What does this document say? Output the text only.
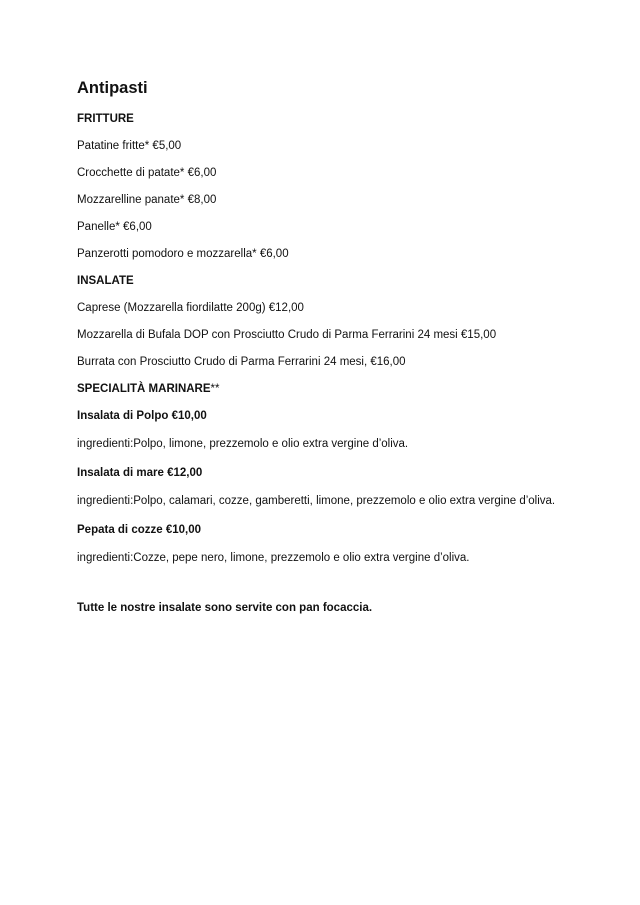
Antipasti
FRITTURE
Patatine fritte* €5,00
Crocchette di patate* €6,00
Mozzarelline panate* €8,00
Panelle* €6,00
Panzerotti pomodoro e mozzarella* €6,00
INSALATE
Caprese (Mozzarella fiordilatte 200g) €12,00
Mozzarella di Bufala DOP con Prosciutto Crudo di Parma Ferrarini 24 mesi €15,00
Burrata con Prosciutto Crudo di Parma Ferrarini 24 mesi, €16,00
SPECIALITÀ MARINARE**
Insalata di Polpo €10,00
ingredienti:Polpo, limone, prezzemolo e olio extra vergine d’oliva.
Insalata di mare €12,00
ingredienti:Polpo, calamari, cozze, gamberetti, limone, prezzemolo e olio extra vergine d’oliva.
Pepata di cozze €10,00
ingredienti:Cozze, pepe nero, limone, prezzemolo e olio extra vergine d’oliva.
Tutte le nostre insalate sono servite con pan focaccia.
